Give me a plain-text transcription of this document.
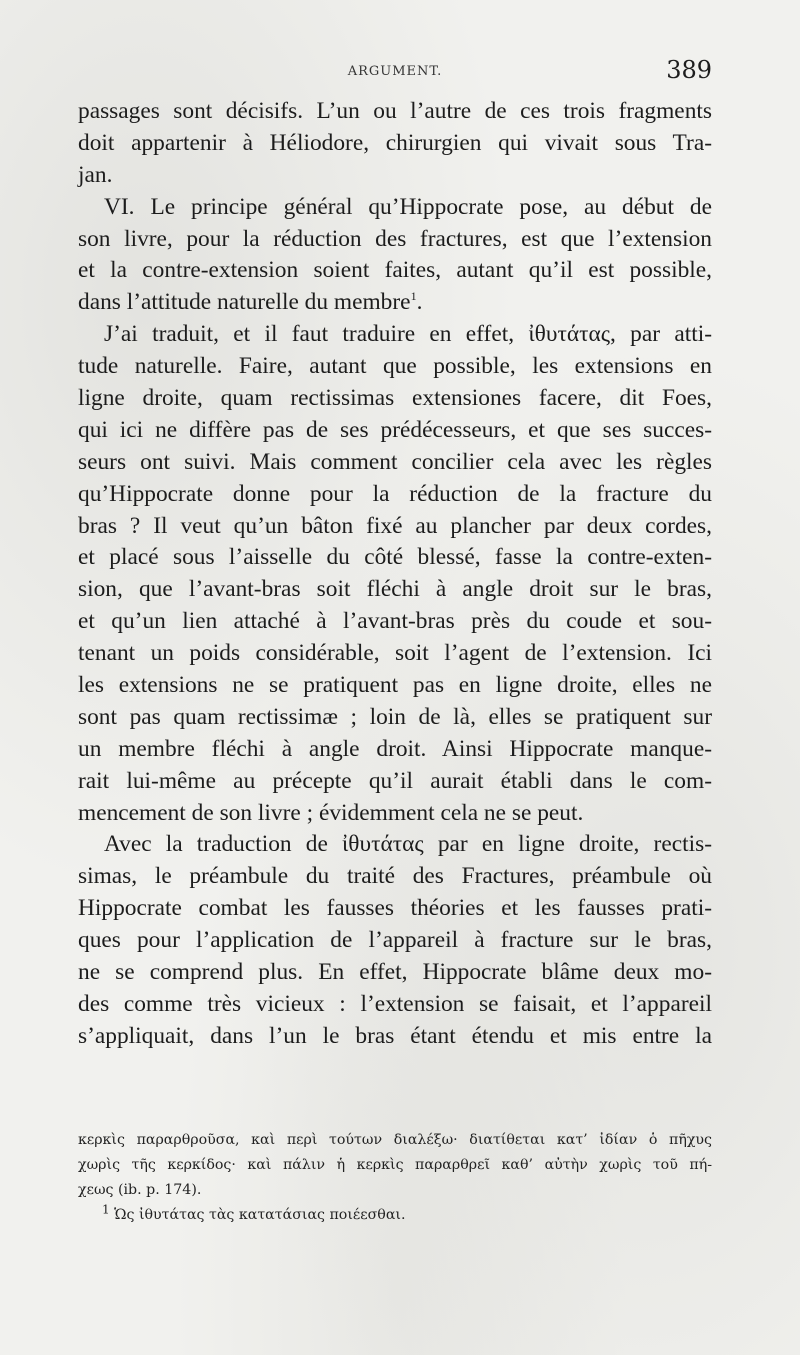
ARGUMENT.	389
passages sont décisifs. L’un ou l’autre de ces trois fragments
doit appartenir à Héliodore, chirurgien qui vivait sous Tra-
jan.
VI. Le principe général qu’Hippocrate pose, au début de
son livre, pour la réduction des fractures, est que l’extension
et la contre-extension soient faites, autant qu’il est possible,
dans l’attitude naturelle du membre$^1$.
J’ai traduit, et il faut traduire en effet, ἰθυτάτας, par atti-
tude naturelle. Faire, autant que possible, les extensions en
ligne droite, quam rectissimas extensiones facere, dit Foes,
qui ici ne diffère pas de ses prédécesseurs, et que ses succes-
seurs ont suivi. Mais comment concilier cela avec les règles
qu’Hippocrate donne pour la réduction de la fracture du
bras ? Il veut qu’un bâton fixé au plancher par deux cordes,
et placé sous l’aisselle du côté blessé, fasse la contre-exten-
sion, que l’avant-bras soit fléchi à angle droit sur le bras,
et qu’un lien attaché à l’avant-bras près du coude et sou-
tenant un poids considérable, soit l’agent de l’extension. Ici
les extensions ne se pratiquent pas en ligne droite, elles ne
sont pas quam rectissimæ ; loin de là, elles se pratiquent sur
un membre fléchi à angle droit. Ainsi Hippocrate manque-
rait lui-même au précepte qu’il aurait établi dans le com-
mencement de son livre ; évidemment cela ne se peut.
Avec la traduction de ἰθυτάτας par en ligne droite, rectis-
simas, le préambule du traité des Fractures, préambule où
Hippocrate combat les fausses théories et les fausses prati-
ques pour l’application de l’appareil à fracture sur le bras,
ne se comprend plus. En effet, Hippocrate blâme deux mo-
des comme très vicieux : l’extension se faisait, et l’appareil
s’appliquait, dans l’un le bras étant étendu et mis entre la
κερκὶς παραρθροῦσα, καὶ περὶ τούτων διαλέξω· διατίθεται κατ’ ἰδίαν ὁ πῆχυς
χωρὶς τῆς κερκίδος· καὶ πάλιν ἡ κερκὶς παραρθρεῖ καθ’ αὐτὴν χωρὶς τοῦ πή-
χεως (ib. p. 174).
$^1$ Ὡς ἰθυτάτας τὰς κατατάσιας ποιέεσθαι.
